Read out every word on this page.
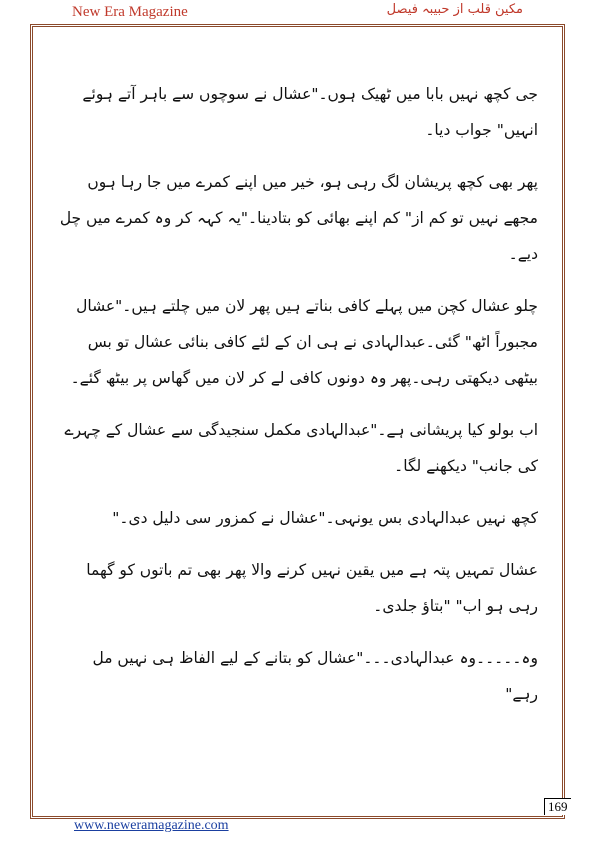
New Era Magazine	مکین قلب از حبیبہ فیصل

جی کچھ نہیں بابا میں ٹھیک ہوں۔"عشال نے سوچوں سے باہر آتے ہوئے انہیں" جواب دیا۔

پھر بھی کچھ پریشان لگ رہی ہو، خیر میں اپنے کمرے میں جا رہا ہوں مجھے نہیں تو کم از" کم اپنے بھائی کو بتادینا۔"یہ کہہ کر وہ کمرے میں چل دیے۔

چلو عشال کچن میں پہلے کافی بناتے ہیں پھر لان میں چلتے ہیں۔"عشال مجبوراً اٹھ" گئی۔عبدالہادی نے ہی ان کے لئے کافی بنائی عشال تو بس بیٹھی دیکھتی رہی۔پھر وہ دونوں کافی لے کر لان میں گھاس پر بیٹھ گئے۔

اب بولو کیا پریشانی ہے۔"عبدالہادی مکمل سنجیدگی سے عشال کے چہرے کی جانب" دیکھنے لگا۔

کچھ نہیں عبدالہادی بس یونہی۔"عشال نے کمزور سی دلیل دی۔"

عشال تمہیں پتہ ہے میں یقین نہیں کرنے والا پھر بھی تم باتوں کو گھما رہی ہو اب" "بتاؤ جلدی۔

وہ۔۔۔۔۔وہ عبدالہادی۔۔۔"عشال کو بتانے کے لیے الفاظ ہی نہیں مل رہے"

169
www.neweramagazine.com
